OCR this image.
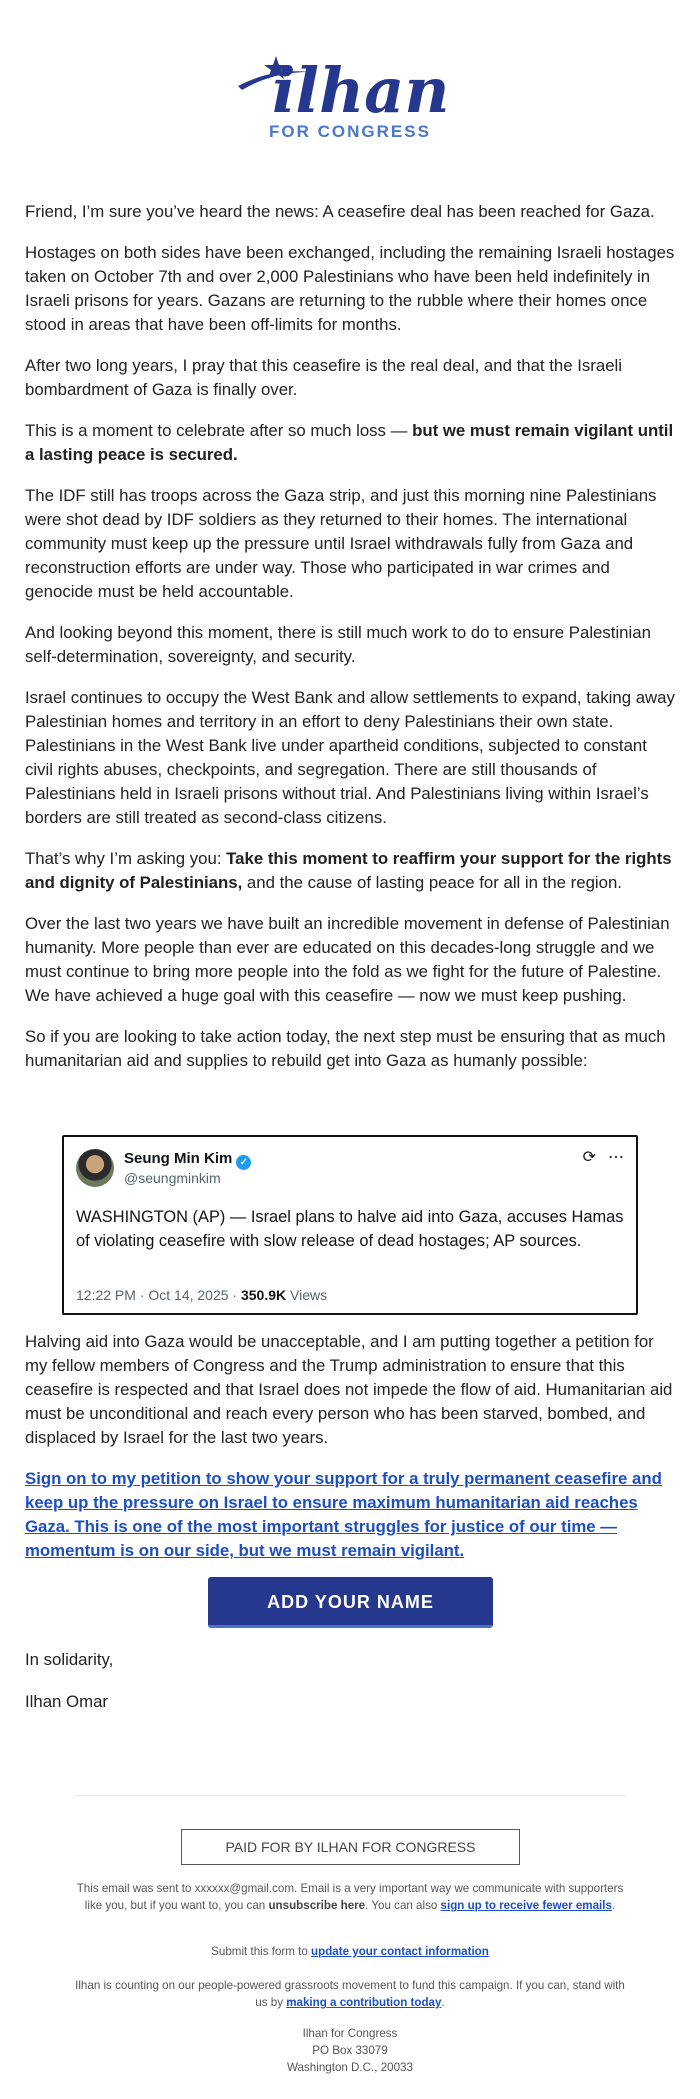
ilhan
FOR CONGRESS

Friend, I’m sure you’ve heard the news: A ceasefire deal has been reached for Gaza.

Hostages on both sides have been exchanged, including the remaining Israeli hostages taken on October 7th and over 2,000 Palestinians who have been held indefinitely in Israeli prisons for years. Gazans are returning to the rubble where their homes once stood in areas that have been off-limits for months.

After two long years, I pray that this ceasefire is the real deal, and that the Israeli bombardment of Gaza is finally over.

This is a moment to celebrate after so much loss — but we must remain vigilant until a lasting peace is secured.

The IDF still has troops across the Gaza strip, and just this morning nine Palestinians were shot dead by IDF soldiers as they returned to their homes. The international community must keep up the pressure until Israel withdrawals fully from Gaza and reconstruction efforts are under way. Those who participated in war crimes and genocide must be held accountable.

And looking beyond this moment, there is still much work to do to ensure Palestinian self-determination, sovereignty, and security.

Israel continues to occupy the West Bank and allow settlements to expand, taking away Palestinian homes and territory in an effort to deny Palestinians their own state. Palestinians in the West Bank live under apartheid conditions, subjected to constant civil rights abuses, checkpoints, and segregation. There are still thousands of Palestinians held in Israeli prisons without trial. And Palestinians living within Israel’s borders are still treated as second-class citizens.

That’s why I’m asking you: Take this moment to reaffirm your support for the rights and dignity of Palestinians, and the cause of lasting peace for all in the region.

Over the last two years we have built an incredible movement in defense of Palestinian humanity. More people than ever are educated on this decades-long struggle and we must continue to bring more people into the fold as we fight for the future of Palestine. We have achieved a huge goal with this ceasefire — now we must keep pushing.

So if you are looking to take action today, the next step must be ensuring that as much humanitarian aid and supplies to rebuild get into Gaza as humanly possible:

Seung Min Kim ✓
@seungminkim
⟳ ⋯
WASHINGTON (AP) — Israel plans to halve aid into Gaza, accuses Hamas of violating ceasefire with slow release of dead hostages; AP sources.
12:22 PM · Oct 14, 2025 · 350.9K Views

Halving aid into Gaza would be unacceptable, and I am putting together a petition for my fellow members of Congress and the Trump administration to ensure that this ceasefire is respected and that Israel does not impede the flow of aid. Humanitarian aid must be unconditional and reach every person who has been starved, bombed, and displaced by Israel for the last two years.

Sign on to my petition to show your support for a truly permanent ceasefire and keep up the pressure on Israel to ensure maximum humanitarian aid reaches Gaza. This is one of the most important struggles for justice of our time — momentum is on our side, but we must remain vigilant.
ADD YOUR NAME
In solidarity,
Ilhan Omar
PAID FOR BY ILHAN FOR CONGRESS
This email was sent to xxxxxx@gmail.com. Email is a very important way we communicate with supporters like you, but if you want to, you can unsubscribe here. You can also sign up to receive fewer emails.
Submit this form to update your contact information
Ilhan is counting on our people-powered grassroots movement to fund this campaign. If you can, stand with us by making a contribution today.
Ilhan for Congress
PO Box 33079
Washington D.C., 20033
